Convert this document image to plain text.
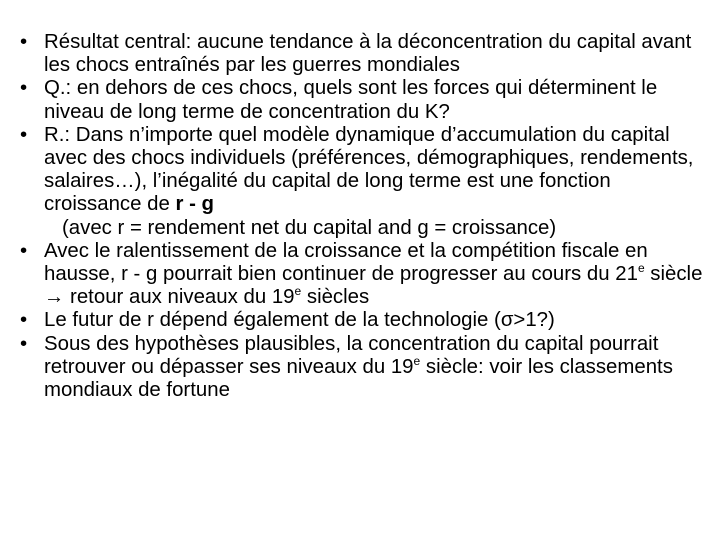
• Résultat central: aucune tendance à la déconcentration du capital avant les chocs entraînés par les guerres mondiales
• Q.: en dehors de ces chocs, quels sont les forces qui déterminent le niveau de long terme de concentration du K?
• R.: Dans n’importe quel modèle dynamique d’accumulation du capital avec des chocs individuels (préférences, démographiques, rendements, salaires…), l’inégalité du capital de long terme est une fonction croissance de r - g
(avec r = rendement net du capital and g = croissance)
• Avec le ralentissement de la croissance et la compétition fiscale en hausse, r - g pourrait bien continuer de progresser au cours du 21e siècle → retour aux niveaux du 19e siècles
• Le futur de r dépend également de la technologie (σ>1?)
• Sous des hypothèses plausibles, la concentration du capital pourrait retrouver ou dépasser ses niveaux du 19e siècle: voir les classements mondiaux de fortune
